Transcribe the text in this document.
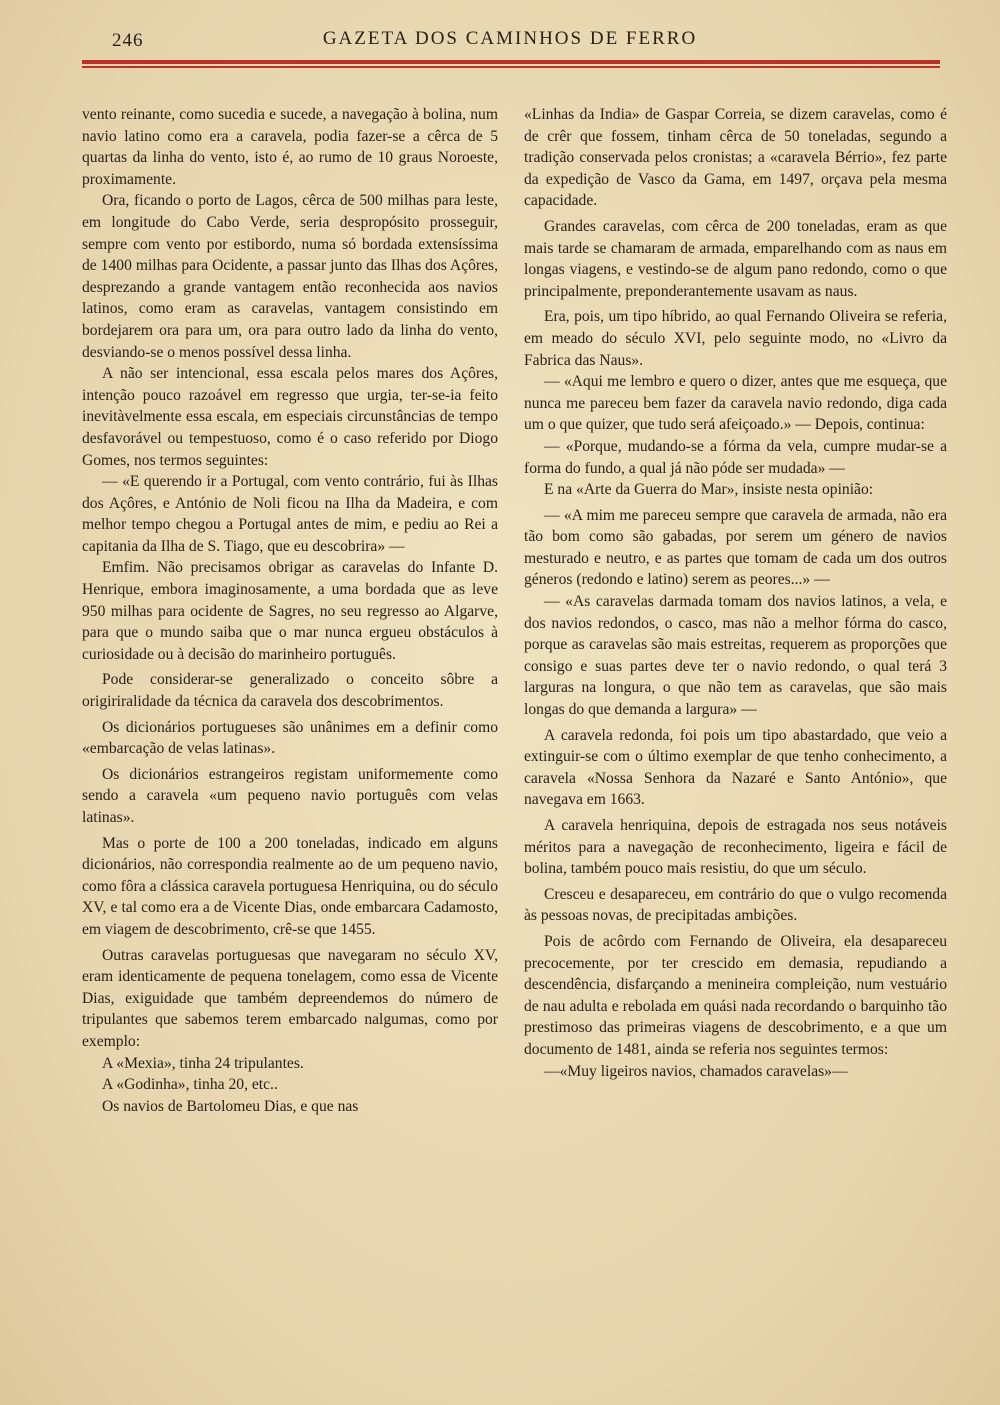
246	GAZETA DOS CAMINHOS DE FERRO

vento reinante, como sucedia e sucede, a navegação à bolina, num navio latino como era a caravela, podia fazer-se a cêrca de 5 quartas da linha do vento, isto é, ao rumo de 10 graus Noroeste, proximamente.

Ora, ficando o porto de Lagos, cêrca de 500 milhas para leste, em longitude do Cabo Verde, seria despropósito prosseguir, sempre com vento por estibordo, numa só bordada extensíssima de 1400 milhas para Ocidente, a passar junto das Ilhas dos Açôres, desprezando a grande vantagem então reconhecida aos navios latinos, como eram as caravelas, vantagem consistindo em bordejarem ora para um, ora para outro lado da linha do vento, desviando-se o menos possível dessa linha.

A não ser intencional, essa escala pelos mares dos Açôres, intenção pouco razoável em regresso que urgia, ter-se-ia feito inevitàvelmente essa escala, em especiais circunstâncias de tempo desfavorável ou tempestuoso, como é o caso referido por Diogo Gomes, nos termos seguintes:

— «E querendo ir a Portugal, com vento contrário, fui às Ilhas dos Açôres, e António de Noli ficou na Ilha da Madeira, e com melhor tempo chegou a Portugal antes de mim, e pediu ao Rei a capitania da Ilha de S. Tiago, que eu descobrira» —

Emfim. Não precisamos obrigar as caravelas do Infante D. Henrique, embora imaginosamente, a uma bordada que as leve 950 milhas para ocidente de Sagres, no seu regresso ao Algarve, para que o mundo saiba que o mar nunca ergueu obstáculos à curiosidade ou à decisão do marinheiro português.

Pode considerar-se generalizado o conceito sôbre a origiriralidade da técnica da caravela dos descobrimentos.

Os dicionários portugueses são unânimes em a definir como «embarcação de velas latinas».

Os dicionários estrangeiros registam uniformemente como sendo a caravela «um pequeno navio português com velas latinas».

Mas o porte de 100 a 200 toneladas, indicado em alguns dicionários, não correspondia realmente ao de um pequeno navio, como fôra a clássica caravela portuguesa Henriquina, ou do século XV, e tal como era a de Vicente Dias, onde embarcara Cadamosto, em viagem de descobrimento, crê-se que 1455.

Outras caravelas portuguesas que navegaram no século XV, eram identicamente de pequena tonelagem, como essa de Vicente Dias, exiguidade que também depreendemos do número de tripulantes que sabemos terem embarcado nalgumas, como por exemplo:

A «Mexia», tinha 24 tripulantes.

A «Godinha», tinha 20, etc..

Os navios de Bartolomeu Dias, e que nas

«Linhas da India» de Gaspar Correia, se dizem caravelas, como é de crêr que fossem, tinham cêrca de 50 toneladas, segundo a tradição conservada pelos cronistas; a «caravela Bérrio», fez parte da expedição de Vasco da Gama, em 1497, orçava pela mesma capacidade.

Grandes caravelas, com cêrca de 200 toneladas, eram as que mais tarde se chamaram de armada, emparelhando com as naus em longas viagens, e vestindo-se de algum pano redondo, como o que principalmente, preponderantemente usavam as naus.

Era, pois, um tipo híbrido, ao qual Fernando Oliveira se referia, em meado do século XVI, pelo seguinte modo, no «Livro da Fabrica das Naus».

— «Aqui me lembro e quero o dizer, antes que me esqueça, que nunca me pareceu bem fazer da caravela navio redondo, diga cada um o que quizer, que tudo será afeiçoado.» — Depois, continua:

— «Porque, mudando-se a fórma da vela, cumpre mudar-se a forma do fundo, a qual já não póde ser mudada» —

E na «Arte da Guerra do Mar», insiste nesta opinião:

— «A mim me pareceu sempre que caravela de armada, não era tão bom como são gabadas, por serem um género de navios mesturado e neutro, e as partes que tomam de cada um dos outros géneros (redondo e latino) serem as peores...» —

— «As caravelas darmada tomam dos navios latinos, a vela, e dos navios redondos, o casco, mas não a melhor fórma do casco, porque as caravelas são mais estreitas, requerem as proporções que consigo e suas partes deve ter o navio redondo, o qual terá 3 larguras na longura, o que não tem as caravelas, que são mais longas do que demanda a largura» —

A caravela redonda, foi pois um tipo abastardado, que veio a extinguir-se com o último exemplar de que tenho conhecimento, a caravela «Nossa Senhora da Nazaré e Santo António», que navegava em 1663.

A caravela henriquina, depois de estragada nos seus notáveis méritos para a navegação de reconhecimento, ligeira e fácil de bolina, também pouco mais resistiu, do que um século.

Cresceu e desapareceu, em contrário do que o vulgo recomenda às pessoas novas, de precipitadas ambições.

Pois de acôrdo com Fernando de Oliveira, ela desapareceu precocemente, por ter crescido em demasia, repudiando a descendência, disfarçando a menineira compleição, num vestuário de nau adulta e rebolada em quási nada recordando o barquinho tão prestimoso das primeiras viagens de descobrimento, e a que um documento de 1481, ainda se referia nos seguintes termos:

—«Muy ligeiros navios, chamados caravelas»—
